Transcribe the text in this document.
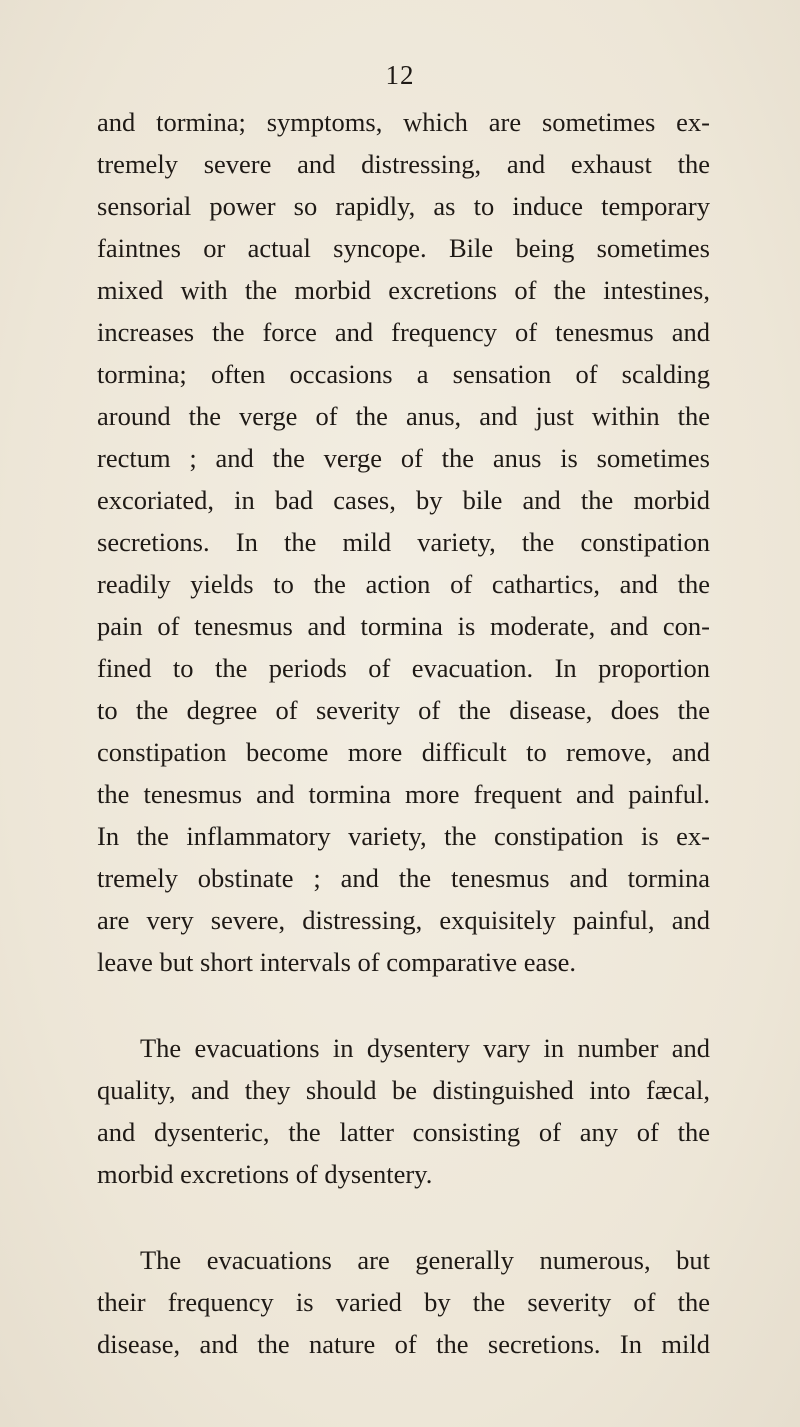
12
and tormina; symptoms, which are sometimes ex-
tremely severe and distressing, and exhaust the
sensorial power so rapidly, as to induce temporary
faintnes or actual syncope. Bile being sometimes
mixed with the morbid excretions of the intestines,
increases the force and frequency of tenesmus and
tormina; often occasions a sensation of scalding
around the verge of the anus, and just within the
rectum ; and the verge of the anus is sometimes
excoriated, in bad cases, by bile and the morbid
secretions. In the mild variety, the constipation
readily yields to the action of cathartics, and the
pain of tenesmus and tormina is moderate, and con-
fined to the periods of evacuation. In proportion
to the degree of severity of the disease, does the
constipation become more difficult to remove, and
the tenesmus and tormina more frequent and painful.
In the inflammatory variety, the constipation is ex-
tremely obstinate ; and the tenesmus and tormina
are very severe, distressing, exquisitely painful, and
leave but short intervals of comparative ease.
The evacuations in dysentery vary in number and
quality, and they should be distinguished into fæcal,
and dysenteric, the latter consisting of any of the
morbid excretions of dysentery.
The evacuations are generally numerous, but
their frequency is varied by the severity of the
disease, and the nature of the secretions. In mild
